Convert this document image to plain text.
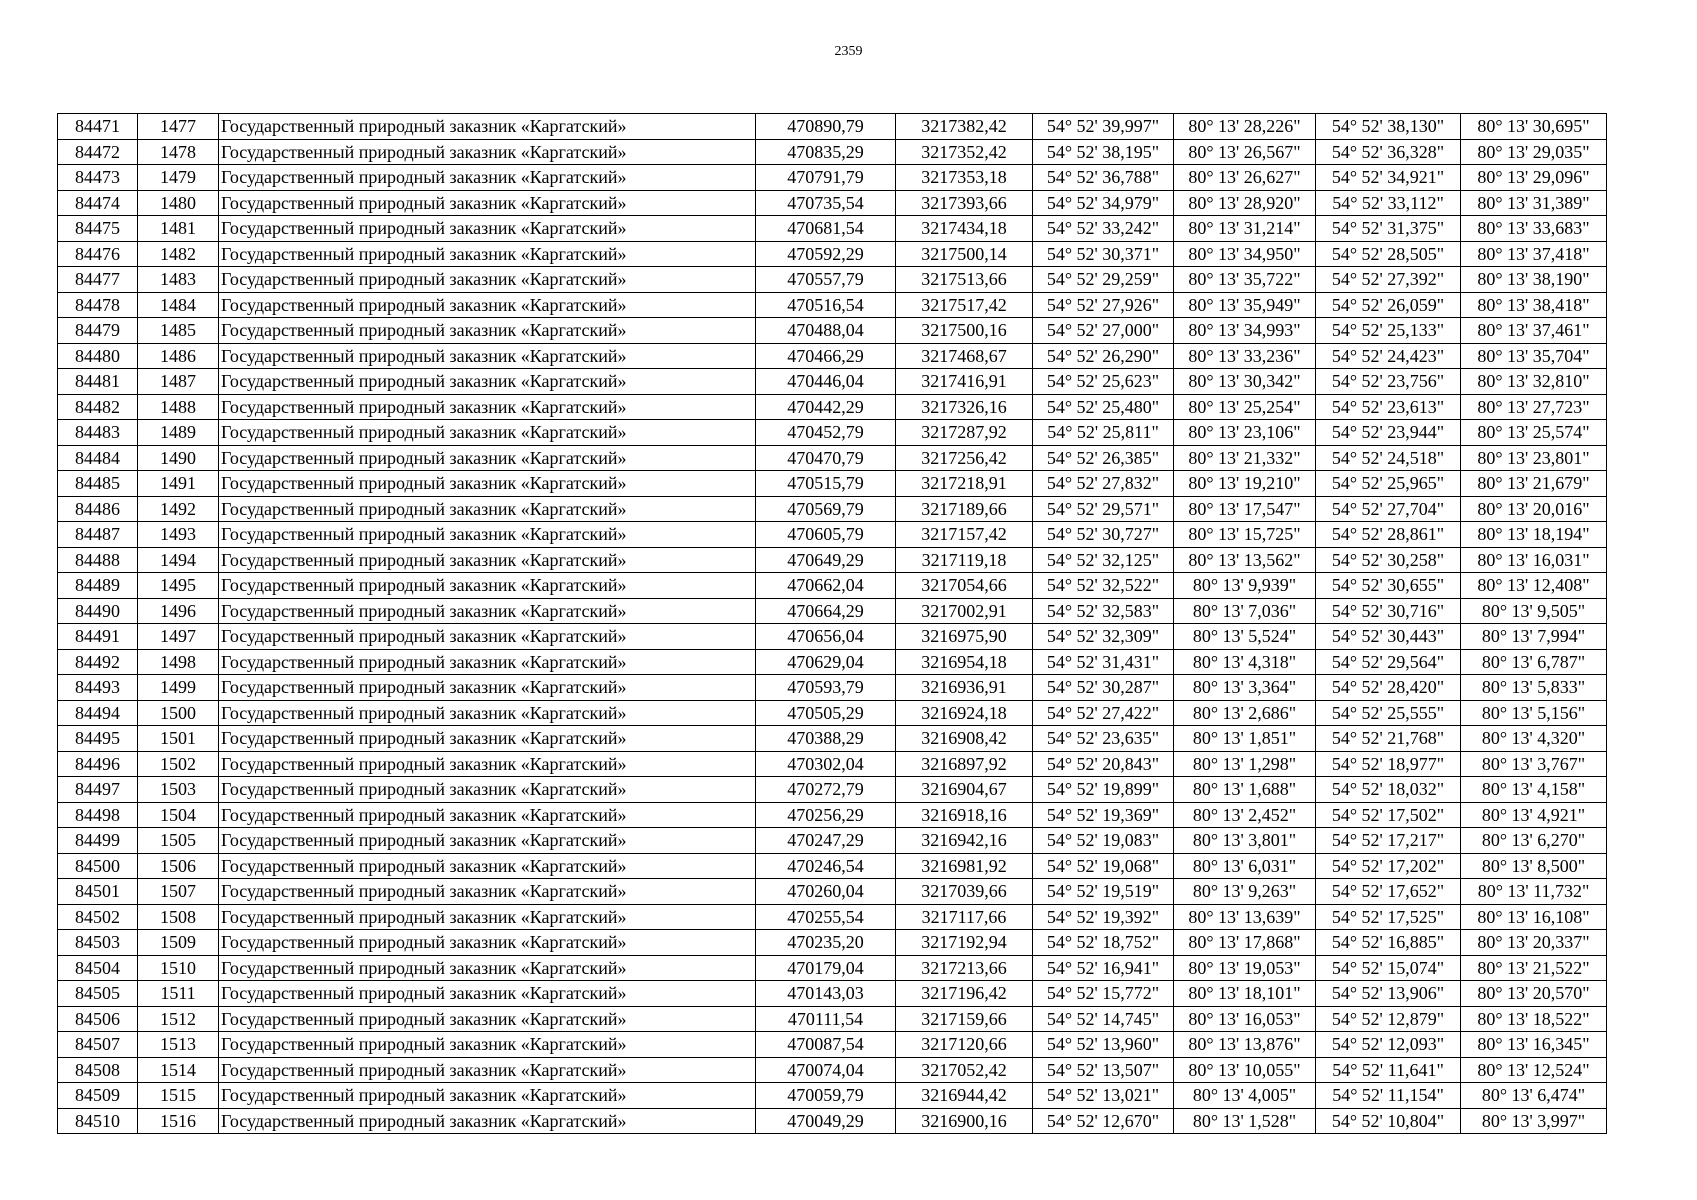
2359
84471	1477	Государственный природный заказник «Каргатский»	470890,79	3217382,42	54° 52' 39,997"	80° 13' 28,226"	54° 52' 38,130"	80° 13' 30,695"
84472	1478	Государственный природный заказник «Каргатский»	470835,29	3217352,42	54° 52' 38,195"	80° 13' 26,567"	54° 52' 36,328"	80° 13' 29,035"
84473	1479	Государственный природный заказник «Каргатский»	470791,79	3217353,18	54° 52' 36,788"	80° 13' 26,627"	54° 52' 34,921"	80° 13' 29,096"
84474	1480	Государственный природный заказник «Каргатский»	470735,54	3217393,66	54° 52' 34,979"	80° 13' 28,920"	54° 52' 33,112"	80° 13' 31,389"
84475	1481	Государственный природный заказник «Каргатский»	470681,54	3217434,18	54° 52' 33,242"	80° 13' 31,214"	54° 52' 31,375"	80° 13' 33,683"
84476	1482	Государственный природный заказник «Каргатский»	470592,29	3217500,14	54° 52' 30,371"	80° 13' 34,950"	54° 52' 28,505"	80° 13' 37,418"
84477	1483	Государственный природный заказник «Каргатский»	470557,79	3217513,66	54° 52' 29,259"	80° 13' 35,722"	54° 52' 27,392"	80° 13' 38,190"
84478	1484	Государственный природный заказник «Каргатский»	470516,54	3217517,42	54° 52' 27,926"	80° 13' 35,949"	54° 52' 26,059"	80° 13' 38,418"
84479	1485	Государственный природный заказник «Каргатский»	470488,04	3217500,16	54° 52' 27,000"	80° 13' 34,993"	54° 52' 25,133"	80° 13' 37,461"
84480	1486	Государственный природный заказник «Каргатский»	470466,29	3217468,67	54° 52' 26,290"	80° 13' 33,236"	54° 52' 24,423"	80° 13' 35,704"
84481	1487	Государственный природный заказник «Каргатский»	470446,04	3217416,91	54° 52' 25,623"	80° 13' 30,342"	54° 52' 23,756"	80° 13' 32,810"
84482	1488	Государственный природный заказник «Каргатский»	470442,29	3217326,16	54° 52' 25,480"	80° 13' 25,254"	54° 52' 23,613"	80° 13' 27,723"
84483	1489	Государственный природный заказник «Каргатский»	470452,79	3217287,92	54° 52' 25,811"	80° 13' 23,106"	54° 52' 23,944"	80° 13' 25,574"
84484	1490	Государственный природный заказник «Каргатский»	470470,79	3217256,42	54° 52' 26,385"	80° 13' 21,332"	54° 52' 24,518"	80° 13' 23,801"
84485	1491	Государственный природный заказник «Каргатский»	470515,79	3217218,91	54° 52' 27,832"	80° 13' 19,210"	54° 52' 25,965"	80° 13' 21,679"
84486	1492	Государственный природный заказник «Каргатский»	470569,79	3217189,66	54° 52' 29,571"	80° 13' 17,547"	54° 52' 27,704"	80° 13' 20,016"
84487	1493	Государственный природный заказник «Каргатский»	470605,79	3217157,42	54° 52' 30,727"	80° 13' 15,725"	54° 52' 28,861"	80° 13' 18,194"
84488	1494	Государственный природный заказник «Каргатский»	470649,29	3217119,18	54° 52' 32,125"	80° 13' 13,562"	54° 52' 30,258"	80° 13' 16,031"
84489	1495	Государственный природный заказник «Каргатский»	470662,04	3217054,66	54° 52' 32,522"	80° 13' 9,939"	54° 52' 30,655"	80° 13' 12,408"
84490	1496	Государственный природный заказник «Каргатский»	470664,29	3217002,91	54° 52' 32,583"	80° 13' 7,036"	54° 52' 30,716"	80° 13' 9,505"
84491	1497	Государственный природный заказник «Каргатский»	470656,04	3216975,90	54° 52' 32,309"	80° 13' 5,524"	54° 52' 30,443"	80° 13' 7,994"
84492	1498	Государственный природный заказник «Каргатский»	470629,04	3216954,18	54° 52' 31,431"	80° 13' 4,318"	54° 52' 29,564"	80° 13' 6,787"
84493	1499	Государственный природный заказник «Каргатский»	470593,79	3216936,91	54° 52' 30,287"	80° 13' 3,364"	54° 52' 28,420"	80° 13' 5,833"
84494	1500	Государственный природный заказник «Каргатский»	470505,29	3216924,18	54° 52' 27,422"	80° 13' 2,686"	54° 52' 25,555"	80° 13' 5,156"
84495	1501	Государственный природный заказник «Каргатский»	470388,29	3216908,42	54° 52' 23,635"	80° 13' 1,851"	54° 52' 21,768"	80° 13' 4,320"
84496	1502	Государственный природный заказник «Каргатский»	470302,04	3216897,92	54° 52' 20,843"	80° 13' 1,298"	54° 52' 18,977"	80° 13' 3,767"
84497	1503	Государственный природный заказник «Каргатский»	470272,79	3216904,67	54° 52' 19,899"	80° 13' 1,688"	54° 52' 18,032"	80° 13' 4,158"
84498	1504	Государственный природный заказник «Каргатский»	470256,29	3216918,16	54° 52' 19,369"	80° 13' 2,452"	54° 52' 17,502"	80° 13' 4,921"
84499	1505	Государственный природный заказник «Каргатский»	470247,29	3216942,16	54° 52' 19,083"	80° 13' 3,801"	54° 52' 17,217"	80° 13' 6,270"
84500	1506	Государственный природный заказник «Каргатский»	470246,54	3216981,92	54° 52' 19,068"	80° 13' 6,031"	54° 52' 17,202"	80° 13' 8,500"
84501	1507	Государственный природный заказник «Каргатский»	470260,04	3217039,66	54° 52' 19,519"	80° 13' 9,263"	54° 52' 17,652"	80° 13' 11,732"
84502	1508	Государственный природный заказник «Каргатский»	470255,54	3217117,66	54° 52' 19,392"	80° 13' 13,639"	54° 52' 17,525"	80° 13' 16,108"
84503	1509	Государственный природный заказник «Каргатский»	470235,20	3217192,94	54° 52' 18,752"	80° 13' 17,868"	54° 52' 16,885"	80° 13' 20,337"
84504	1510	Государственный природный заказник «Каргатский»	470179,04	3217213,66	54° 52' 16,941"	80° 13' 19,053"	54° 52' 15,074"	80° 13' 21,522"
84505	1511	Государственный природный заказник «Каргатский»	470143,03	3217196,42	54° 52' 15,772"	80° 13' 18,101"	54° 52' 13,906"	80° 13' 20,570"
84506	1512	Государственный природный заказник «Каргатский»	470111,54	3217159,66	54° 52' 14,745"	80° 13' 16,053"	54° 52' 12,879"	80° 13' 18,522"
84507	1513	Государственный природный заказник «Каргатский»	470087,54	3217120,66	54° 52' 13,960"	80° 13' 13,876"	54° 52' 12,093"	80° 13' 16,345"
84508	1514	Государственный природный заказник «Каргатский»	470074,04	3217052,42	54° 52' 13,507"	80° 13' 10,055"	54° 52' 11,641"	80° 13' 12,524"
84509	1515	Государственный природный заказник «Каргатский»	470059,79	3216944,42	54° 52' 13,021"	80° 13' 4,005"	54° 52' 11,154"	80° 13' 6,474"
84510	1516	Государственный природный заказник «Каргатский»	470049,29	3216900,16	54° 52' 12,670"	80° 13' 1,528"	54° 52' 10,804"	80° 13' 3,997"
